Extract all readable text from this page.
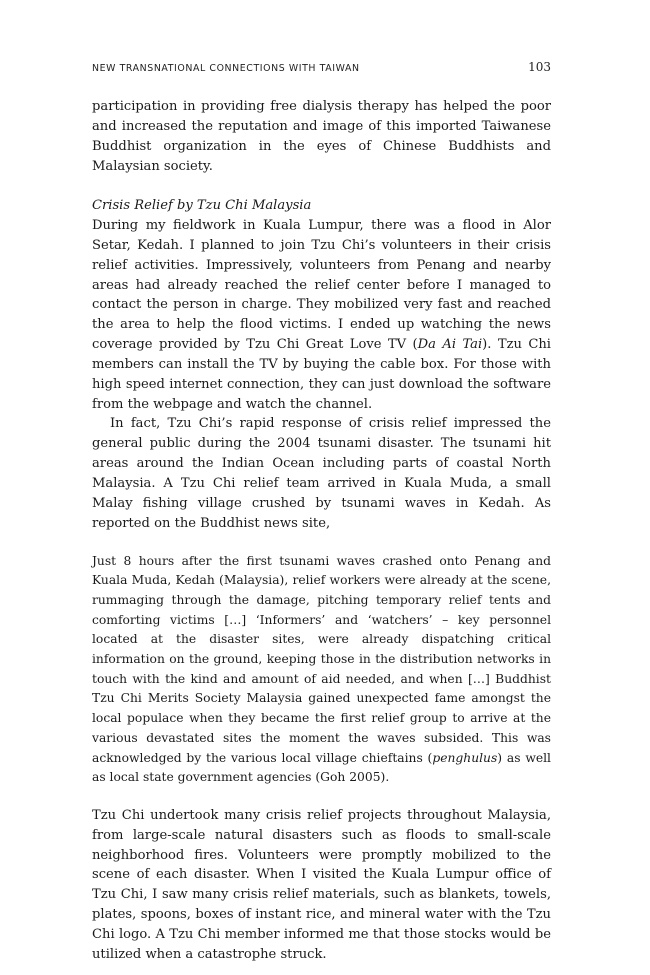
NEW TRANSNATIONAL CONNECTIONS WITH TAIWAN	103

participation in providing free dialysis therapy has helped the poor and increased the reputation and image of this imported Taiwanese Buddhist organization in the eyes of Chinese Buddhists and Malaysian society.

Crisis Relief by Tzu Chi Malaysia

During my fieldwork in Kuala Lumpur, there was a flood in Alor Setar, Kedah. I planned to join Tzu Chi’s volunteers in their crisis relief activities. Impressively, volunteers from Penang and nearby areas had already reached the relief center before I managed to contact the person in charge. They mobilized very fast and reached the area to help the flood victims. I ended up watching the news coverage provided by Tzu Chi Great Love TV (Da Ai Tai). Tzu Chi members can install the TV by buying the cable box. For those with high speed internet connection, they can just download the software from the webpage and watch the channel.

In fact, Tzu Chi’s rapid response of crisis relief impressed the general public during the 2004 tsunami disaster. The tsunami hit areas around the Indian Ocean including parts of coastal North Malaysia. A Tzu Chi relief team arrived in Kuala Muda, a small Malay fishing village crushed by tsunami waves in Kedah. As reported on the Buddhist news site,

Just 8 hours after the first tsunami waves crashed onto Penang and Kuala Muda, Kedah (Malaysia), relief workers were already at the scene, rummaging through the damage, pitching temporary relief tents and comforting victims […] ‘Informers’ and ‘watchers’ – key personnel located at the disaster sites, were already dispatching critical information on the ground, keeping those in the distribution networks in touch with the kind and amount of aid needed, and when […] Buddhist Tzu Chi Merits Society Malaysia gained unexpected fame amongst the local populace when they became the first relief group to arrive at the various devastated sites the moment the waves subsided. This was acknowledged by the various local village chieftains (penghulus) as well as local state government agencies (Goh 2005).

Tzu Chi undertook many crisis relief projects throughout Malaysia, from large-scale natural disasters such as floods to small-scale neighborhood fires. Volunteers were promptly mobilized to the scene of each disaster. When I visited the Kuala Lumpur office of Tzu Chi, I saw many crisis relief materials, such as blankets, towels, plates, spoons, boxes of instant rice, and mineral water with the Tzu Chi logo. A Tzu Chi member informed me that those stocks would be utilized when a catastrophe struck.
